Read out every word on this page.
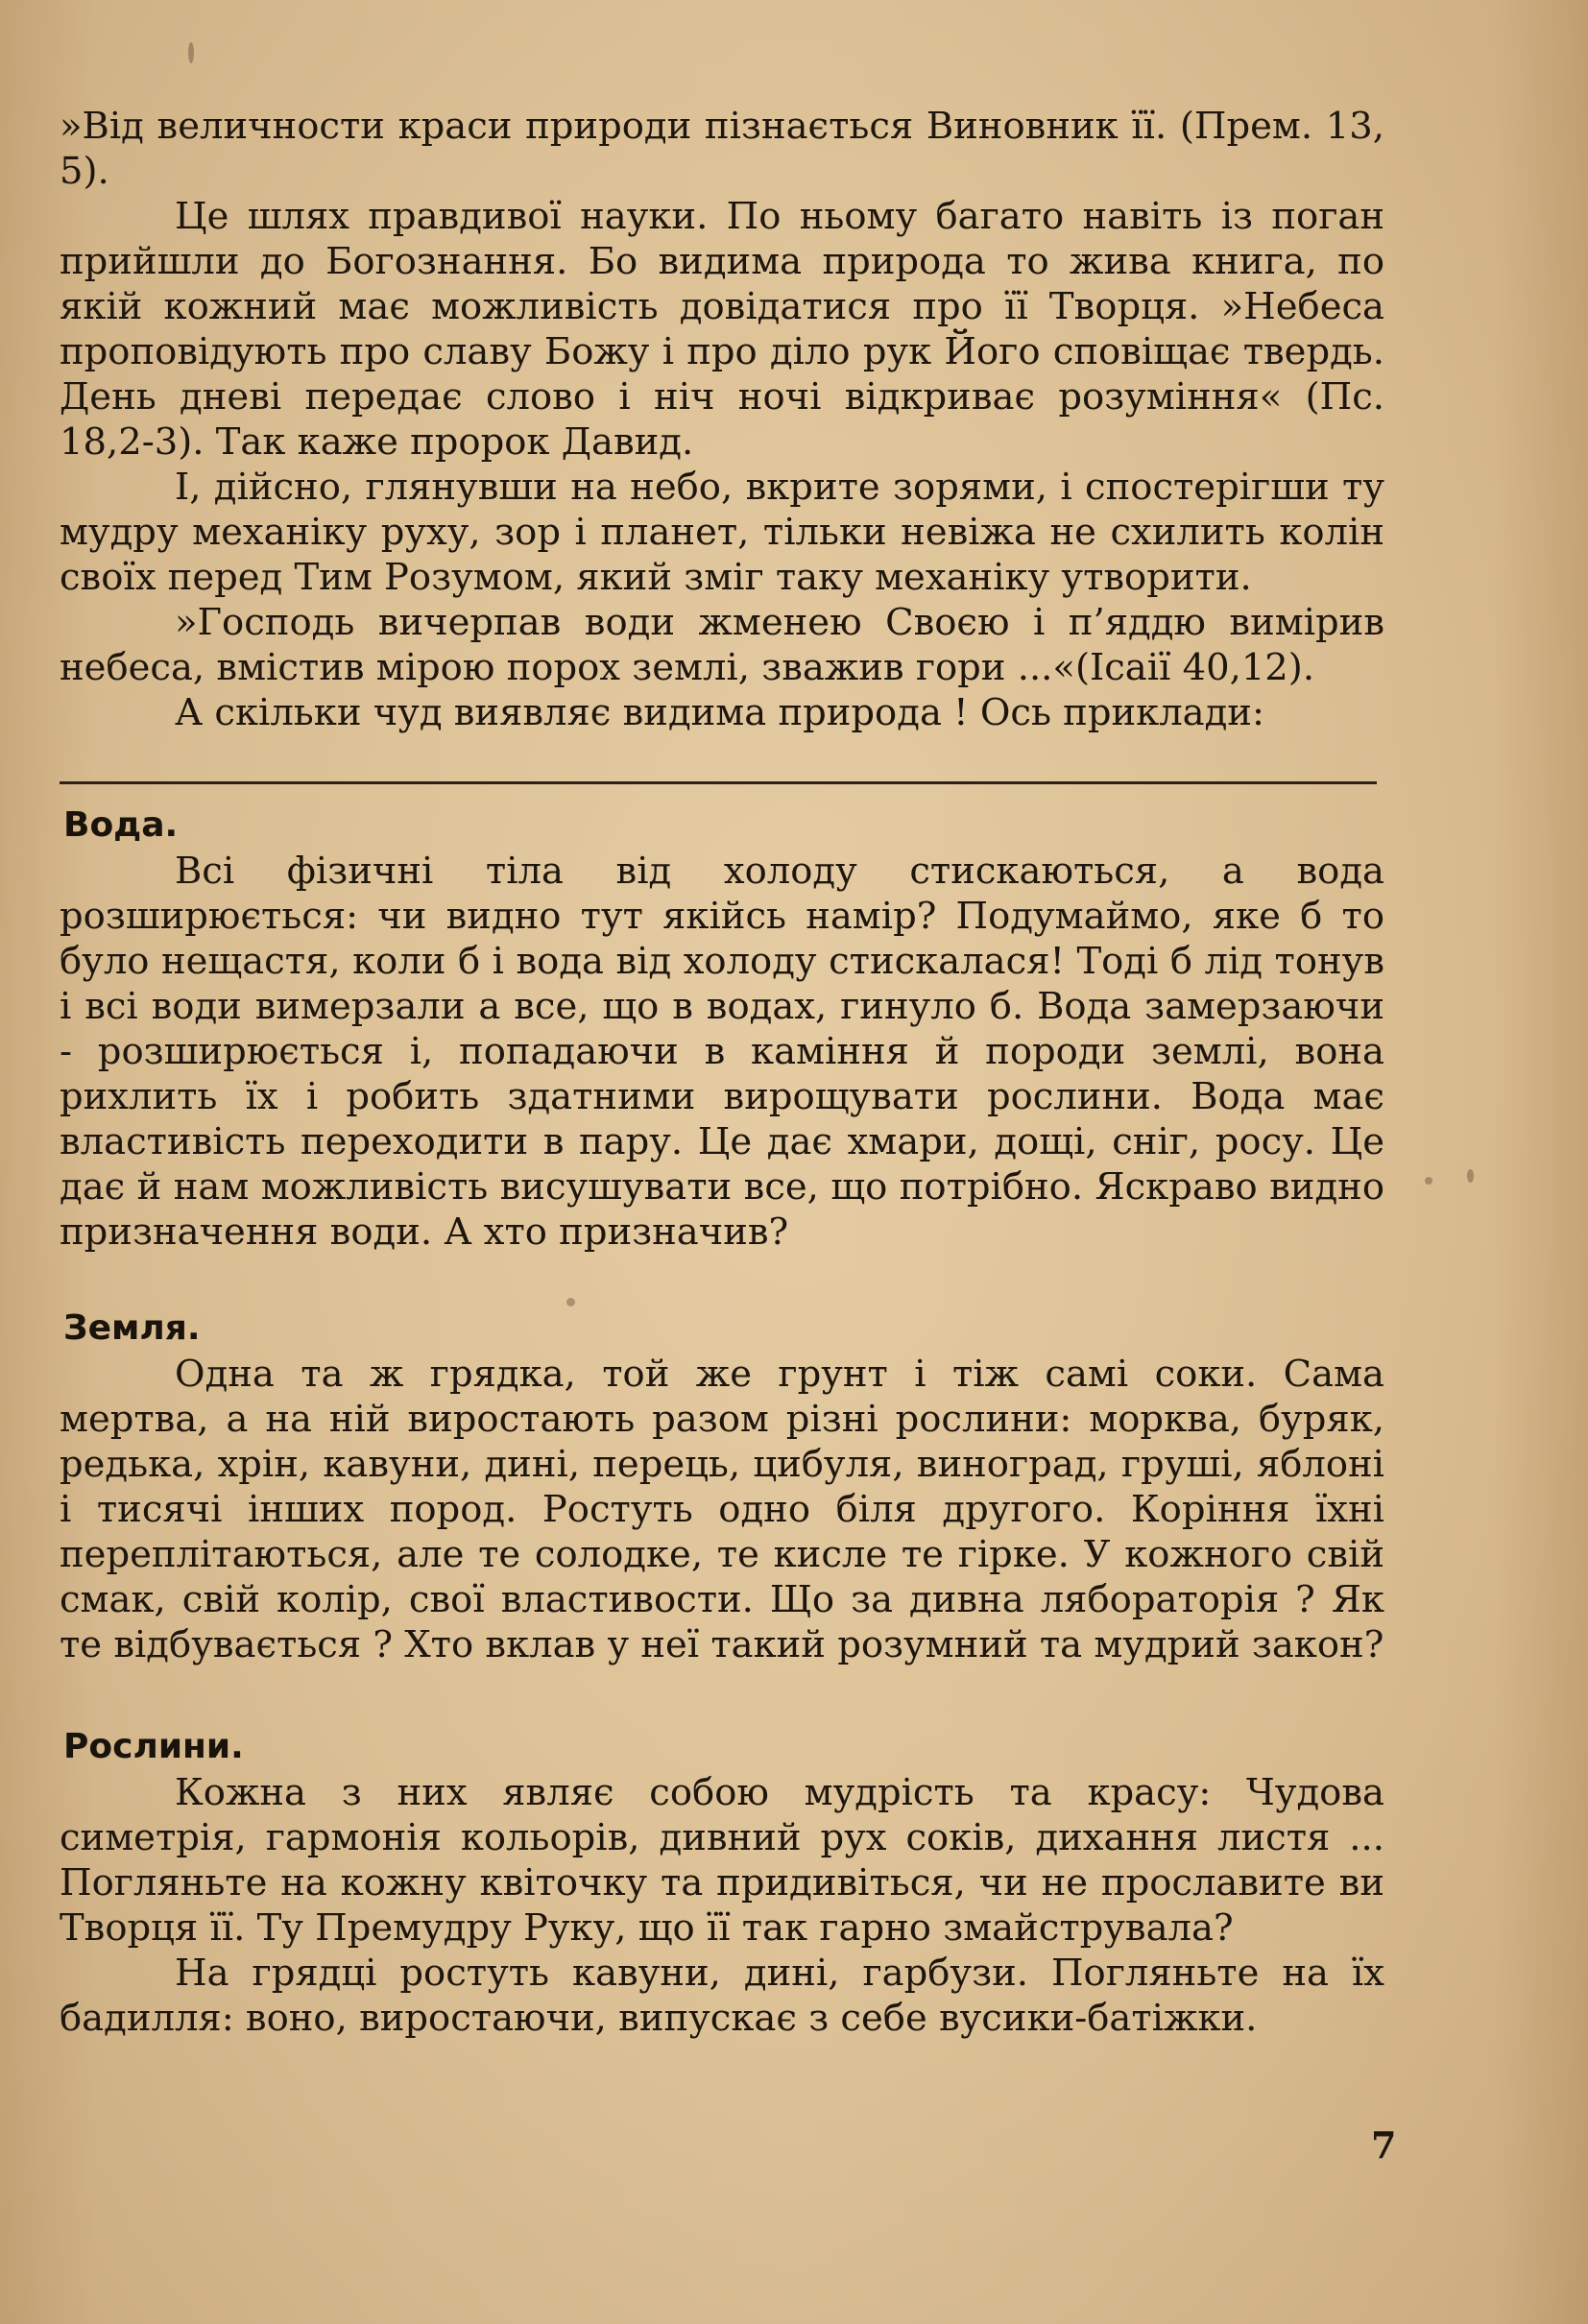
»Від величности краси природи пізнається Виновник її. (Прем. 13, 5).

Це шлях правдивої науки. По ньому багато навіть із поган прийшли до Богознання. Бо видима природа то жива книга, по якій кожний має можливість довідатися про її Творця. »Небеса проповідують про славу Божу і про діло рук Його сповіщає твердь. День дневі передає слово і ніч ночі відкриває розуміння« (Пс. 18,2-3). Так каже пророк Давид.

І, дійсно, глянувши на небо, вкрите зорями, і спостерігши ту мудру механіку руху, зор і планет, тільки невіжа не схилить колін своїх перед Тим Розумом, який зміг таку механіку утворити.

»Господь вичерпав води жменею Своєю і п’яддю вимірив небеса, вмістив мірою порох землі, зважив гори ...«(Ісаії 40,12).

А скільки чуд виявляє видима природа ! Ось приклади:

Вода.

Всі фізичні тіла від холоду стискаються, а вода розширюється: чи видно тут якійсь намір? Подумаймо, яке б то було нещастя, коли б і вода від холоду стискалася! Тоді б лід тонув і всі води вимерзали а все, що в водах, гинуло б. Вода замерзаючи - розширюється і, попадаючи в каміння й породи землі, вона рихлить їх і робить здатними вирощувати рослини. Вода має властивість переходити в пару. Це дає хмари, дощі, сніг, росу. Це дає й нам можливість висушувати все, що потрібно. Яскраво видно призначення води. А хто призначив?

Земля.

Одна та ж грядка, той же грунт і тіж самі соки. Сама мертва, а на ній виростають разом різні рослини: морква, буряк, редька, хрін, кавуни, дині, перець, цибуля, виноград, груші, яблоні і тисячі інших пород. Ростуть одно біля другого. Коріння їхні переплітаються, але те солодке, те кисле те гірке. У кожного свій смак, свій колір, свої властивости. Що за дивна ляборaторія ? Як те відбувається ? Хто вклав у неї такий розумний та мудрий закон?

Рослини.

Кожна з них являє собою мудрість та красу: Чудова симетрія, гармонія кольорів, дивний рух соків, дихання листя ... Погляньте на кожну квіточку та придивіться, чи не прославите ви Творця її. Ту Премудру Руку, що її так гарно змайструвала?

На грядці ростуть кавуни, дині, гарбузи. Погляньте на їх бадилля: воно, виростаючи, випускає з себе вусики-батіжки.

7
